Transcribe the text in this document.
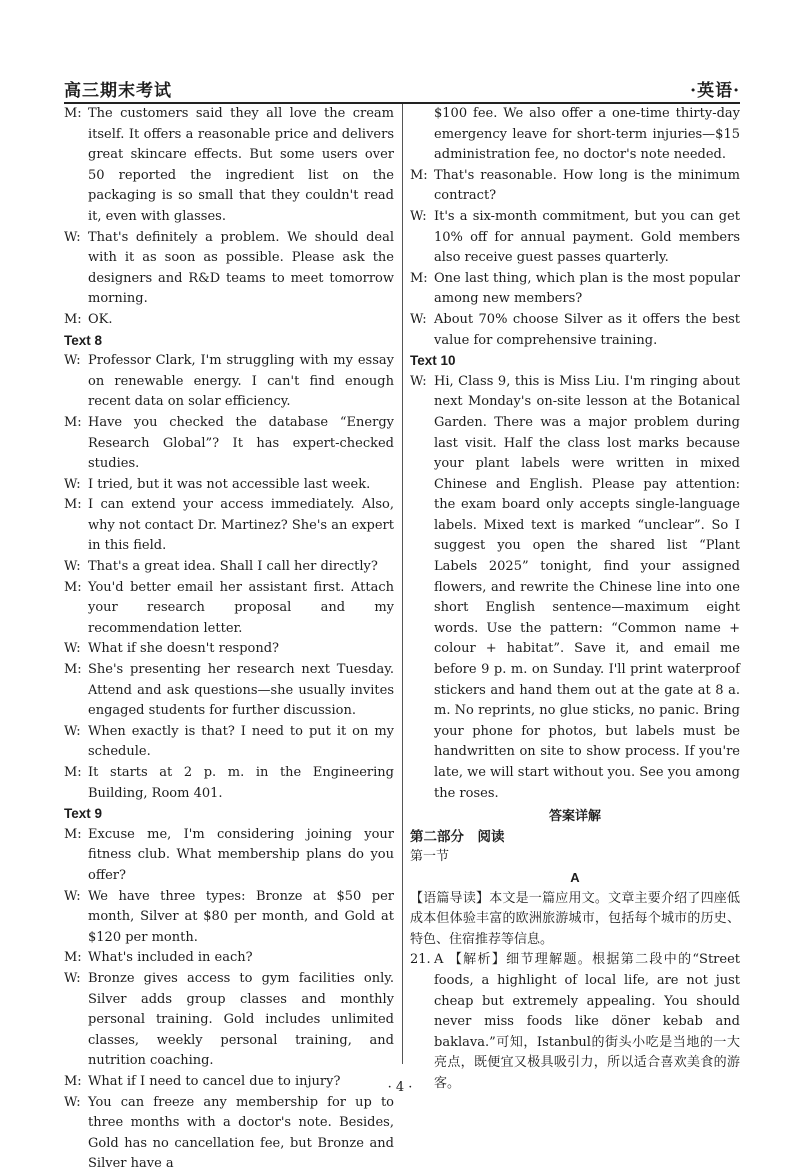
高三期末考试	·英语·
M: The customers said they all love the cream itself. It offers a reasonable price and delivers great skincare effects. But some users over 50 reported the ingredient list on the packaging is so small that they couldn't read it, even with glasses.
W: That's definitely a problem. We should deal with it as soon as possible. Please ask the designers and R&D teams to meet tomorrow morning.
M: OK.
Text 8
W: Professor Clark, I'm struggling with my essay on renewable energy. I can't find enough recent data on solar efficiency.
M: Have you checked the database “Energy Research Global”? It has expert-checked studies.
W: I tried, but it was not accessible last week.
M: I can extend your access immediately. Also, why not contact Dr. Martinez? She's an expert in this field.
W: That's a great idea. Shall I call her directly?
M: You'd better email her assistant first. Attach your research proposal and my recommendation letter.
W: What if she doesn't respond?
M: She's presenting her research next Tuesday. Attend and ask questions—she usually invites engaged students for further discussion.
W: When exactly is that? I need to put it on my schedule.
M: It starts at 2 p. m. in the Engineering Building, Room 401.
Text 9
M: Excuse me, I'm considering joining your fitness club. What membership plans do you offer?
W: We have three types: Bronze at $50 per month, Silver at $80 per month, and Gold at $120 per month.
M: What's included in each?
W: Bronze gives access to gym facilities only. Silver adds group classes and monthly personal training. Gold includes unlimited classes, weekly personal training, and nutrition coaching.
M: What if I need to cancel due to injury?
W: You can freeze any membership for up to three months with a doctor's note. Besides, Gold has no cancellation fee, but Bronze and Silver have a
$100 fee. We also offer a one-time thirty-day emergency leave for short-term injuries—$15 administration fee, no doctor's note needed.
M: That's reasonable. How long is the minimum contract?
W: It's a six-month commitment, but you can get 10% off for annual payment. Gold members also receive guest passes quarterly.
M: One last thing, which plan is the most popular among new members?
W: About 70% choose Silver as it offers the best value for comprehensive training.
Text 10
W: Hi, Class 9, this is Miss Liu. I'm ringing about next Monday's on-site lesson at the Botanical Garden. There was a major problem during last visit. Half the class lost marks because your plant labels were written in mixed Chinese and English. Please pay attention: the exam board only accepts single-language labels. Mixed text is marked “unclear”. So I suggest you open the shared list “Plant Labels 2025” tonight, find your assigned flowers, and rewrite the Chinese line into one short English sentence—maximum eight words. Use the pattern: “Common name + colour + habitat”. Save it, and email me before 9 p. m. on Sunday. I'll print waterproof stickers and hand them out at the gate at 8 a. m. No reprints, no glue sticks, no panic. Bring your phone for photos, but labels must be handwritten on site to show process. If you're late, we will start without you. See you among the roses.
答案详解
第二部分　阅读
第一节
A
【语篇导读】本文是一篇应用文。文章主要介绍了四座低成本但体验丰富的欧洲旅游城市，包括每个城市的历史、特色、住宿推荐等信息。
21. A 【解析】细节理解题。根据第二段中的“Street foods, a highlight of local life, are not just cheap but extremely appealing. You should never miss foods like döner kebab and baklava.”可知，Istanbul的街头小吃是当地的一大亮点，既便宜又极具吸引力，所以适合喜欢美食的游客。
· 4 ·
